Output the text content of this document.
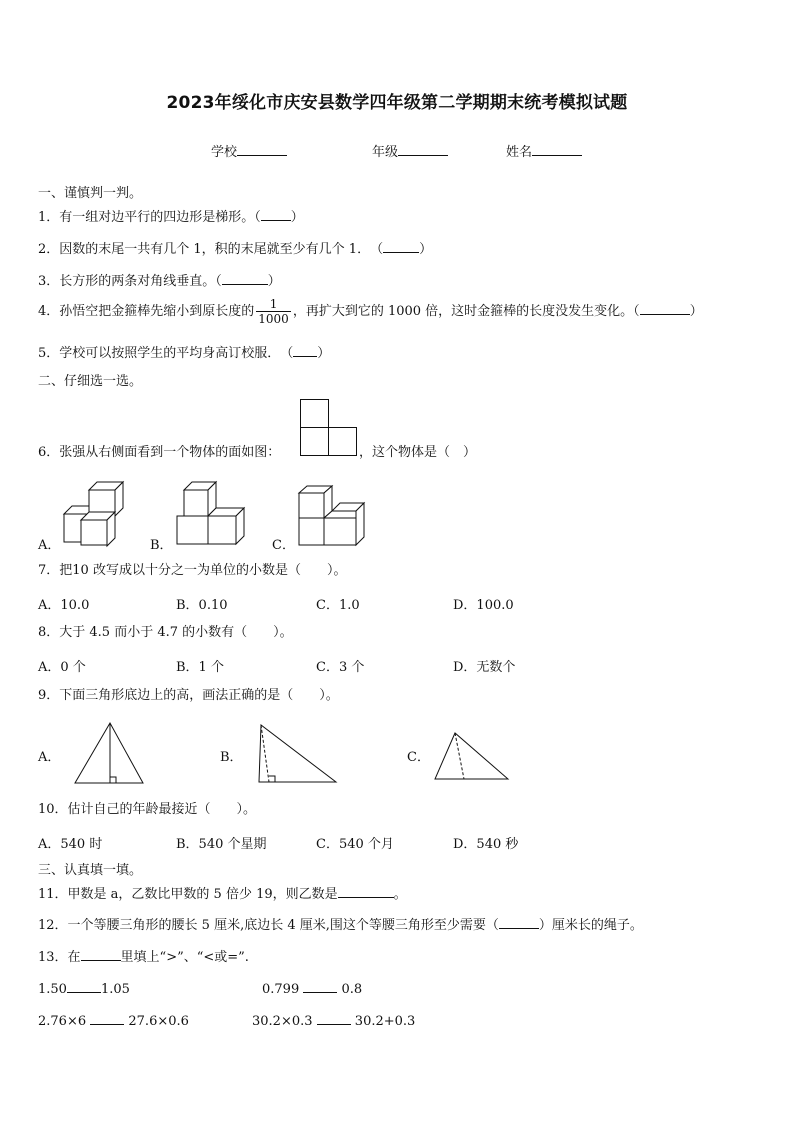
2023年绥化市庆安县数学四年级第二学期期末统考模拟试题
学校	年级	姓名
一、谨慎判一判。
1．有一组对边平行的四边形是梯形。（ ）
2．因数的末尾一共有几个 1，积的末尾就至少有几个 1．　（	）
3．长方形的两条对角线垂直。（	）
4．孙悟空把金箍棒先缩小到原长度的 $\frac{1}{1000}$ ，再扩大到它的 1000 倍，这时金箍棒的长度没发生变化。（	）
5．学校可以按照学生的平均身高订校服．　（ ）
二、仔细选一选。
6．张强从右侧面看到一个物体的面如图：	，这个物体是（　）
A．	B．	C．
7．把10 改写成以十分之一为单位的小数是（　　）。
A．10.0	B．0.10	C．1.0	D．100.0
8．大于 4.5 而小于 4.7 的小数有（　　）。
A．0 个	B．1 个	C．3 个	D．无数个
9．下面三角形底边上的高，画法正确的是（　　）。
A．	B．	C．
10．估计自己的年龄最接近（　　）。
A．540 时	B．540 个星期	C．540 个月	D．540 秒
三、认真填一填。
11．甲数是 a，乙数比甲数的 5 倍少 19，则乙数是	。
12．一个等腰三角形的腰长 5 厘米,底边长 4 厘米,围这个等腰三角形至少需要（	）厘米长的绳子。
13．在	里填上“>”、“<或=”.
1.50	1.05	0.799	0.8
2.76×6	27.6×0.6	30.2×0.3	30.2+0.3
